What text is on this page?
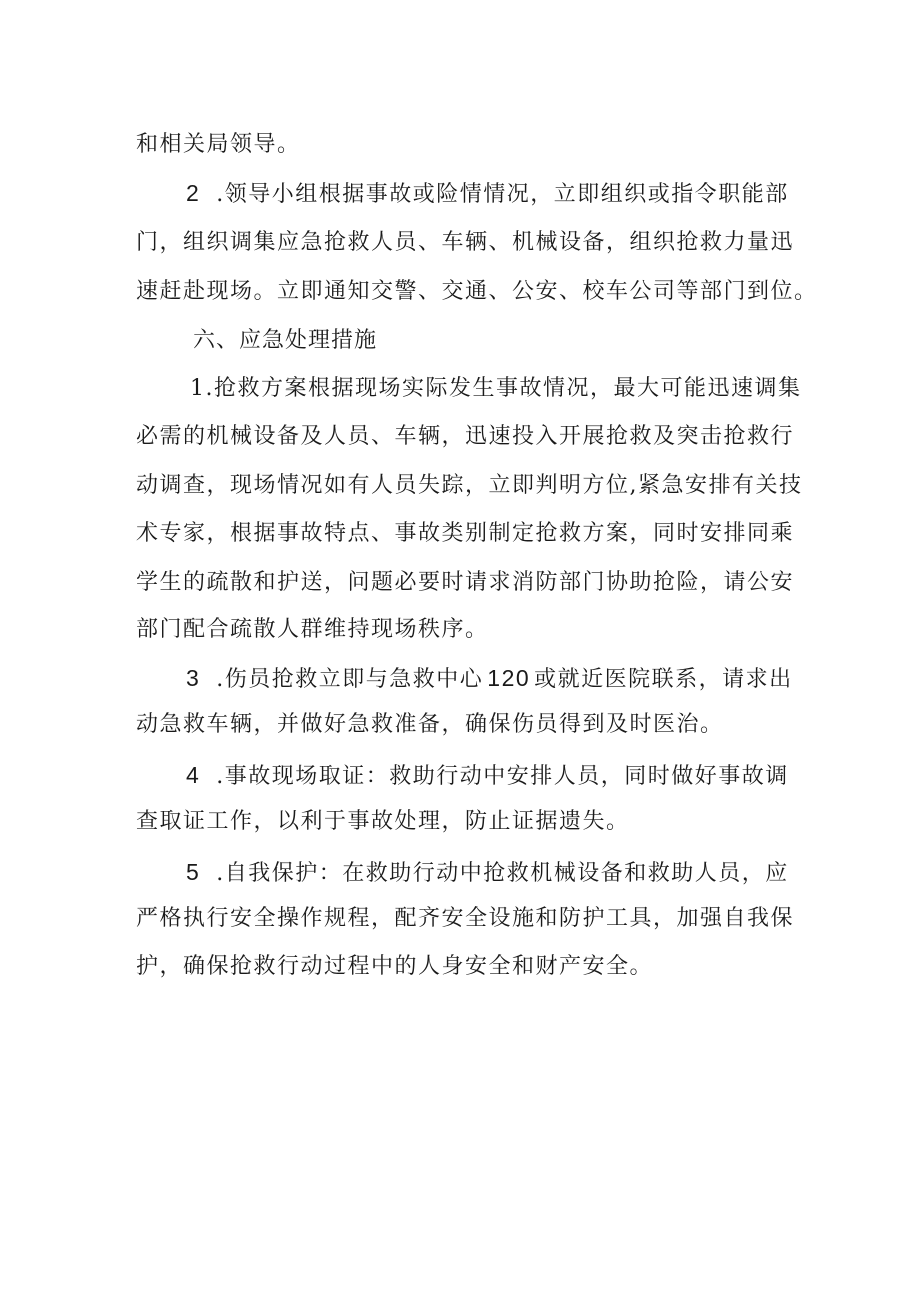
和相关局领导。

2 .领导小组根据事故或险情情况，立即组织或指令职能部

门，组织调集应急抢救人员、车辆、机械设备，组织抢救力量迅

速赶赴现场。立即通知交警、交通、公安、校车公司等部门到位。

六、应急处理措施

1.抢救方案根据现场实际发生事故情况，最大可能迅速调集

必需的机械设备及人员、车辆，迅速投入开展抢救及突击抢救行

动调查，现场情况如有人员失踪，立即判明方位,紧急安排有关技

术专家，根据事故特点、事故类别制定抢救方案，同时安排同乘

学生的疏散和护送，问题必要时请求消防部门协助抢险，请公安

部门配合疏散人群维持现场秩序。

3 .伤员抢救立即与急救中心 120 或就近医院联系，请求出

动急救车辆，并做好急救准备，确保伤员得到及时医治。

4 .事故现场取证：救助行动中安排人员，同时做好事故调

查取证工作，以利于事故处理，防止证据遗失。

5 .自我保护：在救助行动中抢救机械设备和救助人员，应

严格执行安全操作规程，配齐安全设施和防护工具，加强自我保

护，确保抢救行动过程中的人身安全和财产安全。
